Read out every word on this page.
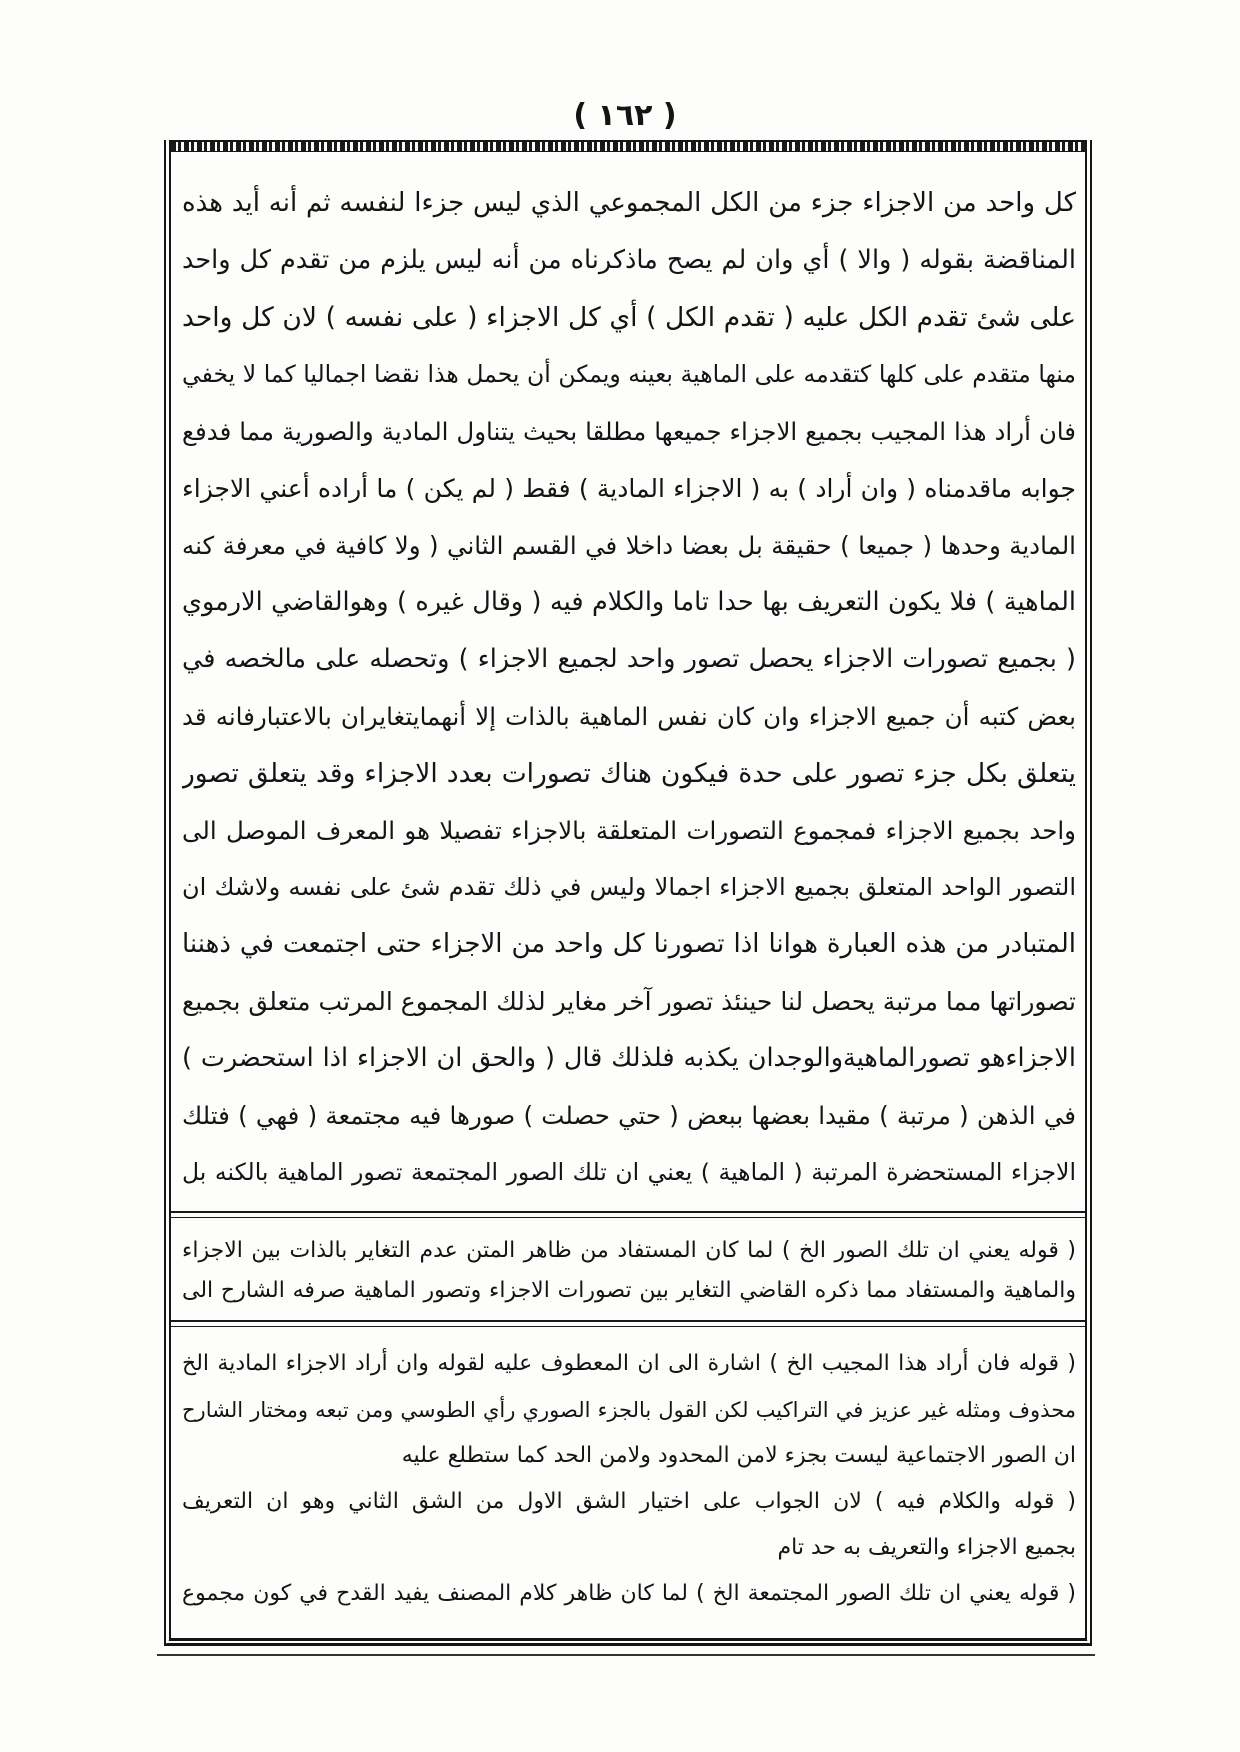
( ١٦٢ )
كل واحد من الاجزاء جزء من الكل المجموعي الذي ليس جزءا لنفسه ثم أنه أيد هذه
المناقضة بقوله ( والا ) أي وان لم يصح ماذكرناه من أنه ليس يلزم من تقدم كل واحد
على شئ تقدم الكل عليه ( تقدم الكل ) أي كل الاجزاء ( على نفسه ) لان كل واحد
منها متقدم على كلها كتقدمه على الماهية بعينه ويمكن أن يحمل هذا نقضا اجماليا كما لا يخفي
فان أراد هذا المجيب بجميع الاجزاء جميعها مطلقا بحيث يتناول المادية والصورية مما فدفع
جوابه ماقدمناه ( وان أراد ) به ( الاجزاء المادية ) فقط ( لم يكن ) ما أراده أعني الاجزاء
المادية وحدها ( جميعا ) حقيقة بل بعضا داخلا في القسم الثاني ( ولا كافية في معرفة كنه
الماهية ) فلا يكون التعريف بها حدا تاما والكلام فيه ( وقال غيره ) وهوالقاضي الارموي
( بجميع تصورات الاجزاء يحصل تصور واحد لجميع الاجزاء ) وتحصله على مالخصه في
بعض كتبه أن جميع الاجزاء وان كان نفس الماهية بالذات إلا أنهمايتغايران بالاعتبارفانه قد
يتعلق بكل جزء تصور على حدة فيكون هناك تصورات بعدد الاجزاء وقد يتعلق تصور
واحد بجميع الاجزاء فمجموع التصورات المتعلقة بالاجزاء تفصيلا هو المعرف الموصل الى
التصور الواحد المتعلق بجميع الاجزاء اجمالا وليس في ذلك تقدم شئ على نفسه ولاشك ان
المتبادر من هذه العبارة هوانا اذا تصورنا كل واحد من الاجزاء حتى اجتمعت في ذهننا
تصوراتها مما مرتبة يحصل لنا حينئذ تصور آخر مغاير لذلك المجموع المرتب متعلق بجميع
الاجزاءهو تصورالماهيةوالوجدان يكذبه فلذلك قال ( والحق ان الاجزاء اذا استحضرت )
في الذهن ( مرتبة ) مقيدا بعضها ببعض ( حتي حصلت ) صورها فيه مجتمعة ( فهي ) فتلك
الاجزاء المستحضرة المرتبة ( الماهية ) يعني ان تلك الصور المجتمعة تصور الماهية بالكنه بل
( قوله يعني ان تلك الصور الخ ) لما كان المستفاد من ظاهر المتن عدم التغاير بالذات بين الاجزاء
والماهية والمستفاد مما ذكره القاضي التغاير بين تصورات الاجزاء وتصور الماهية صرفه الشارح الى
( قوله فان أراد هذا المجيب الخ ) اشارة الى ان المعطوف عليه لقوله وان أراد الاجزاء المادية الخ
محذوف ومثله غير عزيز في التراكيب لكن القول بالجزء الصوري رأي الطوسي ومن تبعه ومختار الشارح
ان الصور الاجتماعية ليست بجزء لامن المحدود ولامن الحد كما ستطلع عليه
( قوله والكلام فيه ) لان الجواب على اختيار الشق الاول من الشق الثاني وهو ان التعريف
بجميع الاجزاء والتعريف به حد تام
( قوله يعني ان تلك الصور المجتمعة الخ ) لما كان ظاهر كلام المصنف يفيد القدح في كون مجموع
